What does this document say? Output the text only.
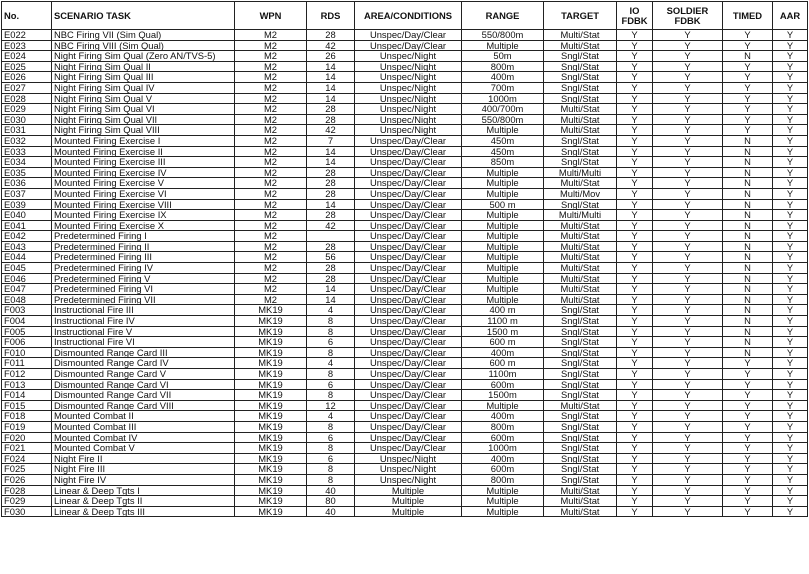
No.	SCENARIO TASK	WPN	RDS	AREA/CONDITIONS	RANGE	TARGET	IO FDBK	SOLDIER FDBK	TIMED	AAR
E022	NBC Firing VII (Sim Qual)	M2	28	Unspec/Day/Clear	550/800m	Multi/Stat	Y	Y	Y	Y
E023	NBC Firing VIII (Sim Qual)	M2	42	Unspec/Day/Clear	Multiple	Multi/Stat	Y	Y	Y	Y
E024	Night Firing Sim Qual (Zero AN/TVS-5)	M2	26	Unspec/Night	50m	Sngl/Stat	Y	Y	N	Y
E025	Night Firing Sim Qual II	M2	14	Unspec/Night	800m	Sngl/Stat	Y	Y	Y	Y
E026	Night Firing Sim Qual III	M2	14	Unspec/Night	400m	Sngl/Stat	Y	Y	Y	Y
E027	Night Firing Sim Qual IV	M2	14	Unspec/Night	700m	Sngl/Stat	Y	Y	Y	Y
E028	Night Firing Sim Qual V	M2	14	Unspec/Night	1000m	Sngl/Stat	Y	Y	Y	Y
E029	Night Firing Sim Qual VI	M2	28	Unspec/Night	400/700m	Multi/Stat	Y	Y	Y	Y
E030	Night Firing Sim Qual VII	M2	28	Unspec/Night	550/800m	Multi/Stat	Y	Y	Y	Y
E031	Night Firing Sim Qual VIII	M2	42	Unspec/Night	Multiple	Multi/Stat	Y	Y	Y	Y
E032	Mounted Firing Exercise I	M2	7	Unspec/Day/Clear	450m	Sngl/Stat	Y	Y	N	Y
E033	Mounted Firing Exercise II	M2	14	Unspec/Day/Clear	450m	Sngl/Stat	Y	Y	N	Y
E034	Mounted Firing Exercise III	M2	14	Unspec/Day/Clear	850m	Sngl/Stat	Y	Y	N	Y
E035	Mounted Firing Exercise IV	M2	28	Unspec/Day/Clear	Multiple	Multi/Multi	Y	Y	N	Y
E036	Mounted Firing Exercise V	M2	28	Unspec/Day/Clear	Multiple	Multi/Stat	Y	Y	N	Y
E037	Mounted Firing Exercise VI	M2	28	Unspec/Day/Clear	Multiple	Multi/Mov	Y	Y	N	Y
E039	Mounted Firing Exercise VIII	M2	14	Unspec/Day/Clear	500 m	Sngl/Stat	Y	Y	N	Y
E040	Mounted Firing Exercise IX	M2	28	Unspec/Day/Clear	Multiple	Multi/Multi	Y	Y	N	Y
E041	Mounted Firing Exercise X	M2	42	Unspec/Day/Clear	Multiple	Multi/Stat	Y	Y	N	Y
E042	Predetermined Firing I	M2		Unspec/Day/Clear	Multiple	Multi/Stat	Y	Y	N	Y
E043	Predetermined Firing II	M2	28	Unspec/Day/Clear	Multiple	Multi/Stat	Y	Y	N	Y
E044	Predetermined Firing III	M2	56	Unspec/Day/Clear	Multiple	Multi/Stat	Y	Y	N	Y
E045	Predetermined Firing IV	M2	28	Unspec/Day/Clear	Multiple	Multi/Stat	Y	Y	N	Y
E046	Predetermined Firing V	M2	28	Unspec/Day/Clear	Multiple	Multi/Stat	Y	Y	N	Y
E047	Predetermined Firing VI	M2	14	Unspec/Day/Clear	Multiple	Multi/Stat	Y	Y	N	Y
E048	Predetermined Firing VII	M2	14	Unspec/Day/Clear	Multiple	Multi/Stat	Y	Y	N	Y
F003	Instructional Fire III	MK19	4	Unspec/Day/Clear	400 m	Sngl/Stat	Y	Y	N	Y
F004	Instructional Fire IV	MK19	8	Unspec/Day/Clear	1100 m	Sngl/Stat	Y	Y	N	Y
F005	Instructional Fire V	MK19	8	Unspec/Day/Clear	1500 m	Sngl/Stat	Y	Y	N	Y
F006	Instructional Fire VI	MK19	6	Unspec/Day/Clear	600 m	Sngl/Stat	Y	Y	N	Y
F010	Dismounted Range Card III	MK19	8	Unspec/Day/Clear	400m	Sngl/Stat	Y	Y	N	Y
F011	Dismounted Range Card IV	MK19	4	Unspec/Day/Clear	600 m	Sngl/Stat	Y	Y	Y	Y
F012	Dismounted Range Card V	MK19	8	Unspec/Day/Clear	1100m	Sngl/Stat	Y	Y	Y	Y
F013	Dismounted Range Card VI	MK19	6	Unspec/Day/Clear	600m	Sngl/Stat	Y	Y	Y	Y
F014	Dismounted Range Card VII	MK19	8	Unspec/Day/Clear	1500m	Sngl/Stat	Y	Y	Y	Y
F015	Dismounted Range Card VIII	MK19	12	Unspec/Day/Clear	Multiple	Multi/Stat	Y	Y	Y	Y
F018	Mounted Combat II	MK19	4	Unspec/Day/Clear	400m	Sngl/Stat	Y	Y	Y	Y
F019	Mounted Combat III	MK19	8	Unspec/Day/Clear	800m	Sngl/Stat	Y	Y	Y	Y
F020	Mounted Combat IV	MK19	6	Unspec/Day/Clear	600m	Sngl/Stat	Y	Y	Y	Y
F021	Mounted Combat V	MK19	8	Unspec/Day/Clear	1000m	Sngl/Stat	Y	Y	Y	Y
F024	Night Fire II	MK19	6	Unspec/Night	400m	Sngl/Stat	Y	Y	Y	Y
F025	Night Fire III	MK19	8	Unspec/Night	600m	Sngl/Stat	Y	Y	Y	Y
F026	Night Fire IV	MK19	8	Unspec/Night	800m	Sngl/Stat	Y	Y	Y	Y
F028	Linear & Deep Tgts I	MK19	40	Multiple	Multiple	Multi/Stat	Y	Y	Y	Y
F029	Linear & Deep Tgts II	MK19	80	Multiple	Multiple	Multi/Stat	Y	Y	Y	Y
F030	Linear & Deep Tgts III	MK19	40	Multiple	Multiple	Multi/Stat	Y	Y	Y	Y
